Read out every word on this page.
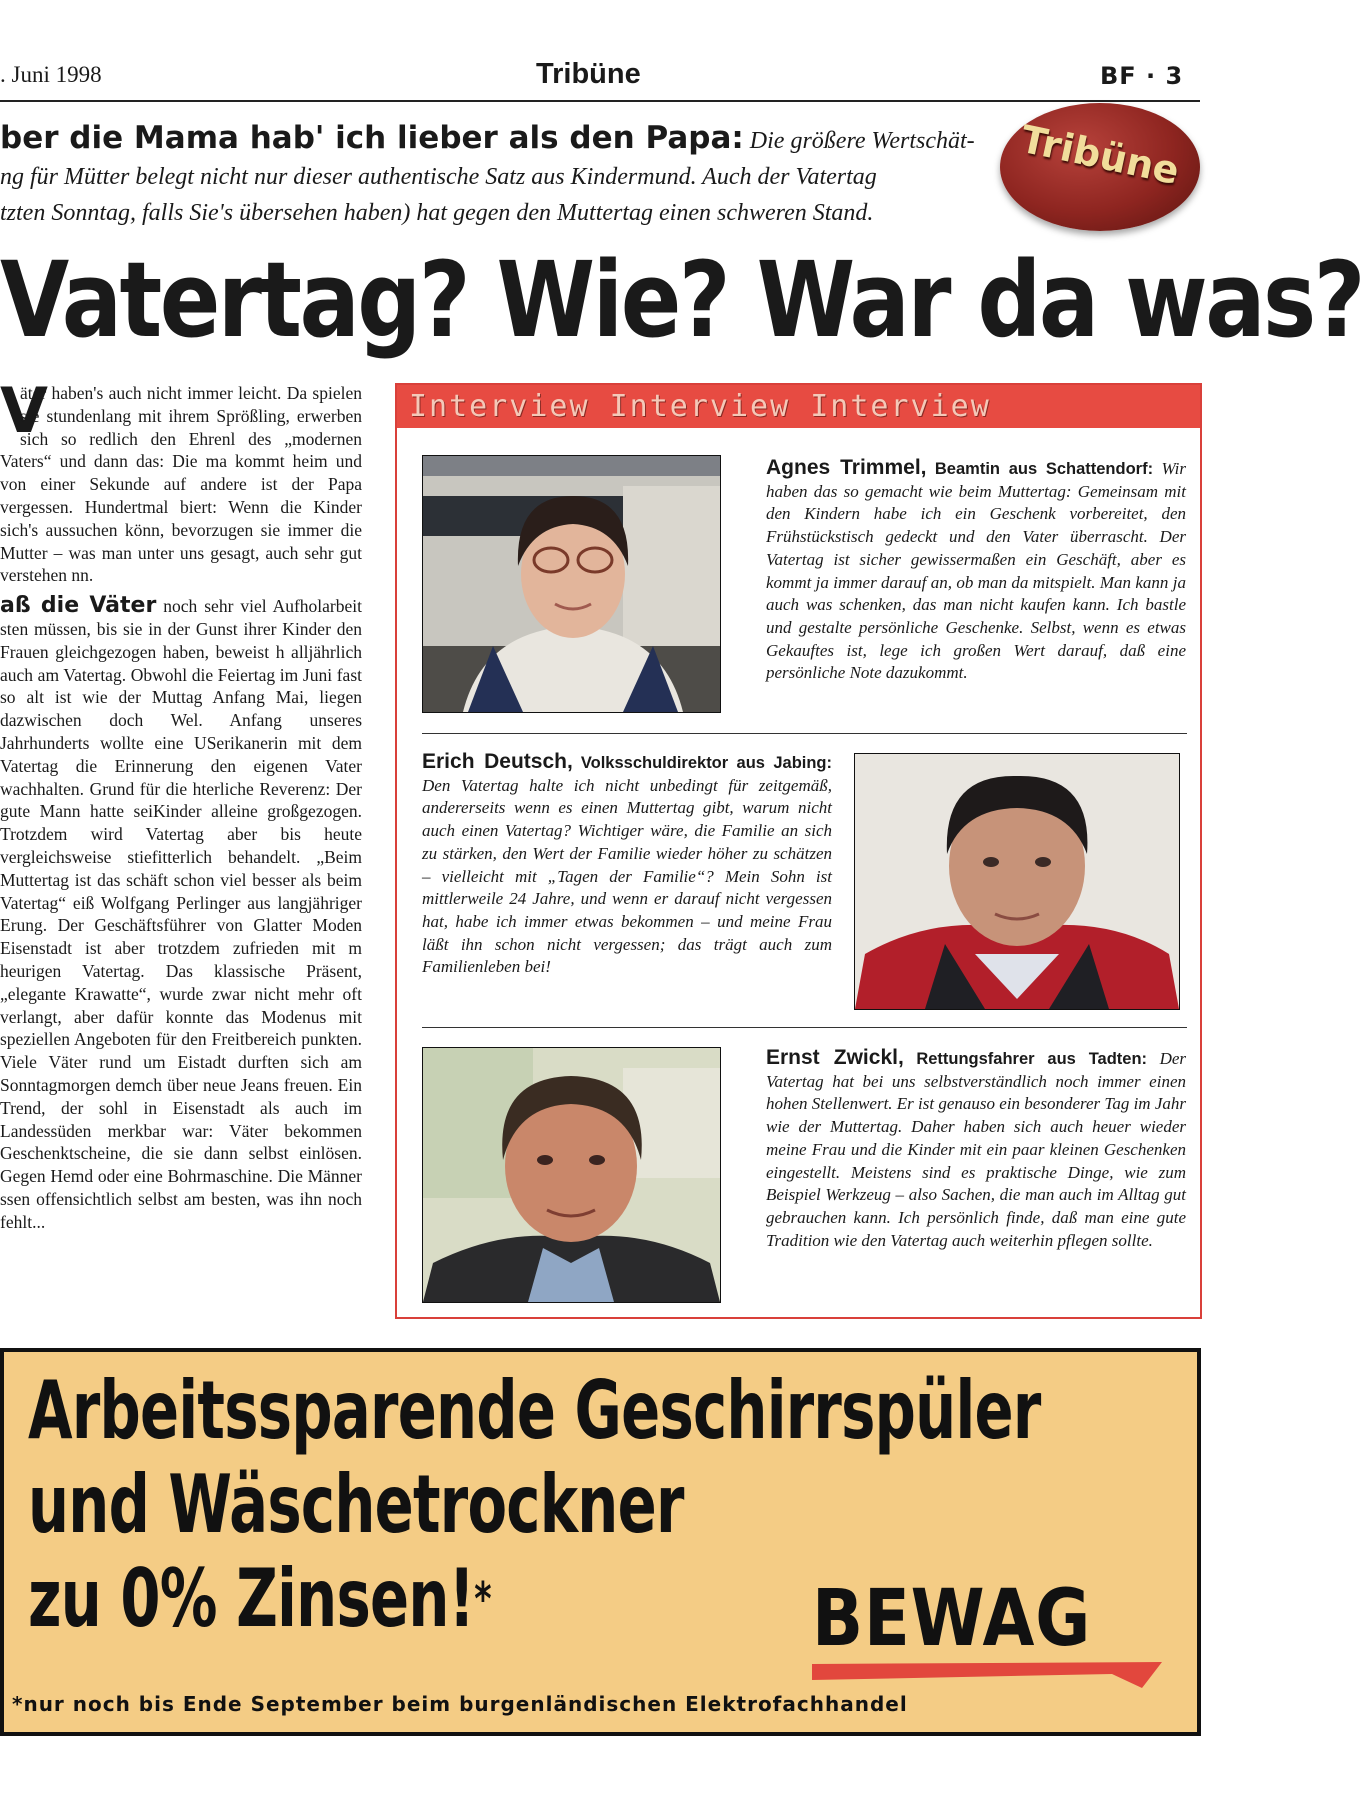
. Juni 1998	Tribüne	BF · 3
ber die Mama hab' ich lieber als den Papa: Die größere Wertschät-
ng für Mütter belegt nicht nur dieser authentische Satz aus Kindermund. Auch der Vatertag
tzten Sonntag, falls Sie's übersehen haben) hat gegen den Muttertag einen schweren Stand.
Tribüne
Vatertag? Wie? War da was?

V
äter haben's auch nicht immer leicht. Da spielen sie stundenlang mit ihrem Sprößling, erwerben sich so redlich den Ehrenl des „modernen Vaters“ und dann das: Die ma kommt heim und von einer Sekunde auf andere ist der Papa vergessen. Hundertmal biert: Wenn die Kinder sich's aussuchen könn, bevorzugen sie immer die Mutter – was man unter uns gesagt, auch sehr gut verstehen nn.

aß die Väter noch sehr viel Aufholarbeit sten müssen, bis sie in der Gunst ihrer Kinder den Frauen gleichgezogen haben, beweist h alljährlich auch am Vatertag. Obwohl die Feiertag im Juni fast so alt ist wie der Muttag Anfang Mai, liegen dazwischen doch Wel. Anfang unseres Jahrhunderts wollte eine USerikanerin mit dem Vatertag die Erinnerung den eigenen Vater wachhalten. Grund für die hterliche Reverenz: Der gute Mann hatte seiKinder alleine großgezogen. Trotzdem wird Vatertag aber bis heute vergleichsweise stiefitterlich behandelt. „Beim Muttertag ist das schäft schon viel besser als beim Vatertag“ eiß Wolfgang Perlinger aus langjähriger Erung. Der Geschäftsführer von Glatter Moden Eisenstadt ist aber trotzdem zufrieden mit m heurigen Vatertag. Das klassische Präsent, „elegante Krawatte“, wurde zwar nicht mehr oft verlangt, aber dafür konnte das Modenus mit speziellen Angeboten für den Freitbereich punkten. Viele Väter rund um Eistadt durften sich am Sonntagmorgen demch über neue Jeans freuen. Ein Trend, der sohl in Eisenstadt als auch im Landessüden merkbar war: Väter bekommen Geschenktscheine, die sie dann selbst einlösen. Gegen Hemd oder eine Bohrmaschine. Die Männer ssen offensichtlich selbst am besten, was ihn noch fehlt...

Interview Interview Interview
Agnes Trimmel, Beamtin aus Schattendorf: Wir haben das so gemacht wie beim Muttertag: Gemeinsam mit den Kindern habe ich ein Geschenk vorbereitet, den Frühstückstisch gedeckt und den Vater überrascht. Der Vatertag ist sicher gewissermaßen ein Geschäft, aber es kommt ja immer darauf an, ob man da mitspielt. Man kann ja auch was schenken, das man nicht kaufen kann. Ich bastle und gestalte persönliche Geschenke. Selbst, wenn es etwas Gekauftes ist, lege ich großen Wert darauf, daß eine persönliche Note dazukommt.
Erich Deutsch, Volksschuldirektor aus Jabing: Den Vatertag halte ich nicht unbedingt für zeitgemäß, andererseits wenn es einen Muttertag gibt, warum nicht auch einen Vatertag? Wichtiger wäre, die Familie an sich zu stärken, den Wert der Familie wieder höher zu schätzen – vielleicht mit „Tagen der Familie“? Mein Sohn ist mittlerweile 24 Jahre, und wenn er darauf nicht vergessen hat, habe ich immer etwas bekommen – und meine Frau läßt ihn schon nicht vergessen; das trägt auch zum Familienleben bei!
Ernst Zwickl, Rettungsfahrer aus Tadten: Der Vatertag hat bei uns selbstverständlich noch immer einen hohen Stellenwert. Er ist genauso ein besonderer Tag im Jahr wie der Muttertag. Daher haben sich auch heuer wieder meine Frau und die Kinder mit ein paar kleinen Geschenken eingestellt. Meistens sind es praktische Dinge, wie zum Beispiel Werkzeug – also Sachen, die man auch im Alltag gut gebrauchen kann. Ich persönlich finde, daß man eine gute Tradition wie den Vatertag auch weiterhin pflegen sollte.
Arbeitssparende Geschirrspüler
und Wäschetrockner
zu 0% Zinsen!*	BEWAG
*nur noch bis Ende September beim burgenländischen Elektrofachhandel
